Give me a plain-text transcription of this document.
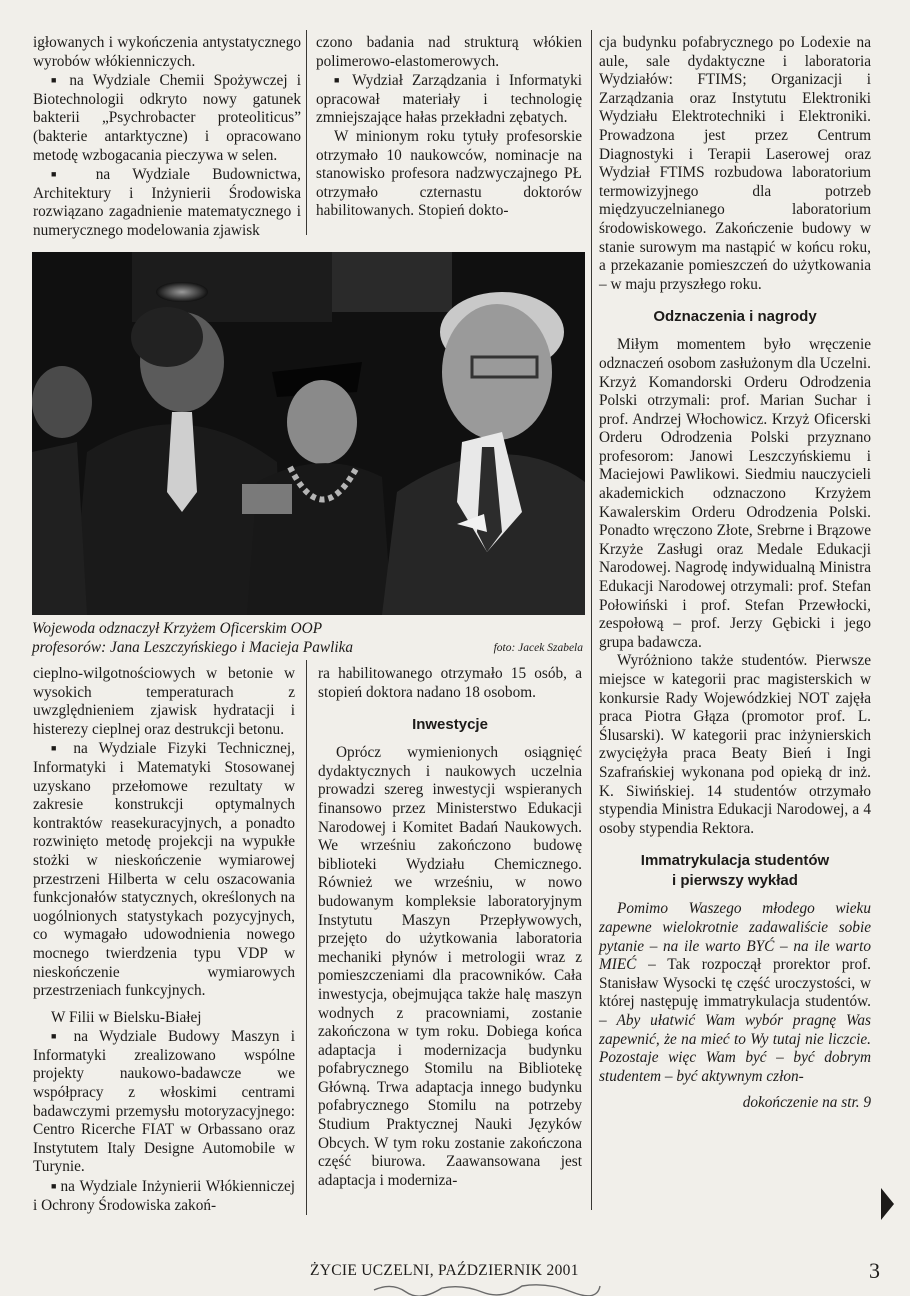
igłowanych i wykończenia antystatycznego wyrobów włókienniczych.

■ na Wydziale Chemii Spożywczej i Biotechnologii odkryto nowy gatunek bakterii „Psychrobacter proteoliticus” (bakterie antarktyczne) i opracowano metodę wzbogacania pieczywa w selen.

■ na Wydziale Budownictwa, Architektury i Inżynierii Środowiska rozwiązano zagadnienie matematycznego i numerycznego modelowania zjawisk

czono badania nad strukturą włókien polimerowo-elastomerowych.

■ Wydział Zarządzania i Informatyki opracował materiały i technologię zmniejszające hałas przekładni zębatych.

W minionym roku tytuły profesorskie otrzymało 10 naukowców, nominacje na stanowisko profesora nadzwyczajnego PŁ otrzymało czternastu doktorów habilitowanych. Stopień dokto-

Wojewoda odznaczył Krzyżem Oficerskim OOP
profesorów: Jana Leszczyńskiego i Macieja Pawlika	foto: Jacek Szabela

cieplno-wilgotnościowych w betonie w wysokich temperaturach z uwzględnieniem zjawisk hydratacji i histerezy cieplnej oraz destrukcji betonu.

■ na Wydziale Fizyki Technicznej, Informatyki i Matematyki Stosowanej uzyskano przełomowe rezultaty w zakresie konstrukcji optymalnych kontraktów reasekuracyjnych, a ponadto rozwinięto metodę projekcji na wypukłe stożki w nieskończenie wymiarowej przestrzeni Hilberta w celu oszacowania funkcjonałów statycznych, określonych na uogólnionych statystykach pozycyjnych, co wymagało udowodnienia nowego mocnego twierdzenia typu VDP w nieskończenie wymiarowych przestrzeniach funkcyjnych.

W Filii w Bielsku-Białej

■ na Wydziale Budowy Maszyn i Informatyki zrealizowano wspólne projekty naukowo-badawcze we współpracy z włoskimi centrami badawczymi przemysłu motoryzacyjnego: Centro Ricerche FIAT w Orbassano oraz Instytutem Italy Designe Automobile w Turynie.

■ na Wydziale Inżynierii Włókienniczej i Ochrony Środowiska zakoń-

ra habilitowanego otrzymało 15 osób, a stopień doktora nadano 18 osobom.

Inwestycje

Oprócz wymienionych osiągnięć dydaktycznych i naukowych uczelnia prowadzi szereg inwestycji wspieranych finansowo przez Ministerstwo Edukacji Narodowej i Komitet Badań Naukowych. We wrześniu zakończono budowę biblioteki Wydziału Chemicznego. Również we wrześniu, w nowo budowanym kompleksie laboratoryjnym Instytutu Maszyn Przepływowych, przejęto do użytkowania laboratoria mechaniki płynów i metrologii wraz z pomieszczeniami dla pracowników. Cała inwestycja, obejmująca także halę maszyn wodnych z pracowniami, zostanie zakończona w tym roku. Dobiega końca adaptacja i modernizacja budynku pofabrycznego Stomilu na Bibliotekę Główną. Trwa adaptacja innego budynku pofabrycznego Stomilu na potrzeby Studium Praktycznej Nauki Języków Obcych. W tym roku zostanie zakończona część biurowa. Zaawansowana jest adaptacja i moderniza-

cja budynku pofabrycznego po Lodexie na aule, sale dydaktyczne i laboratoria Wydziałów: FTIMS; Organizacji i Zarządzania oraz Instytutu Elektroniki Wydziału Elektrotechniki i Elektroniki. Prowadzona jest przez Centrum Diagnostyki i Terapii Laserowej oraz Wydział FTIMS rozbudowa laboratorium termowizyjnego dla potrzeb międzyuczelnianego laboratorium środowiskowego. Zakończenie budowy w stanie surowym ma nastąpić w końcu roku, a przekazanie pomieszczeń do użytkowania – w maju przyszłego roku.

Odznaczenia i nagrody

Miłym momentem było wręczenie odznaczeń osobom zasłużonym dla Uczelni. Krzyż Komandorski Orderu Odrodzenia Polski otrzymali: prof. Marian Suchar i prof. Andrzej Włochowicz. Krzyż Oficerski Orderu Odrodzenia Polski przyznano profesorom: Janowi Leszczyńskiemu i Maciejowi Pawlikowi. Siedmiu nauczycieli akademickich odznaczono Krzyżem Kawalerskim Orderu Odrodzenia Polski. Ponadto wręczono Złote, Srebrne i Brązowe Krzyże Zasługi oraz Medale Edukacji Narodowej. Nagrodę indywidualną Ministra Edukacji Narodowej otrzymali: prof. Stefan Połowiński i prof. Stefan Przewłocki, zespołową – prof. Jerzy Gębicki i jego grupa badawcza.

Wyróżniono także studentów. Pierwsze miejsce w kategorii prac magisterskich w konkursie Rady Wojewódzkiej NOT zajęła praca Piotra Głąza (promotor prof. L. Ślusarski). W kategorii prac inżynierskich zwyciężyła praca Beaty Bień i Ingi Szafrańskiej wykonana pod opieką dr inż. K. Siwińskiej. 14 studentów otrzymało stypendia Ministra Edukacji Narodowej, a 4 osoby stypendia Rektora.

Immatrykulacja studentów
i pierwszy wykład

Pomimo Waszego młodego wieku zapewne wielokrotnie zadawaliście sobie pytanie – na ile warto BYĆ – na ile warto MIEĆ – Tak rozpoczął prorektor prof. Stanisław Wysocki tę część uroczystości, w której następuję immatrykulacja studentów. – Aby ułatwić Wam wybór pragnę Was zapewnić, że na mieć to Wy tutaj nie liczcie. Pozostaje więc Wam być – być dobrym studentem – być aktywnym człon-

dokończenie na str. 9

ŻYCIE UCZELNI, PAŹDZIERNIK 2001	3
